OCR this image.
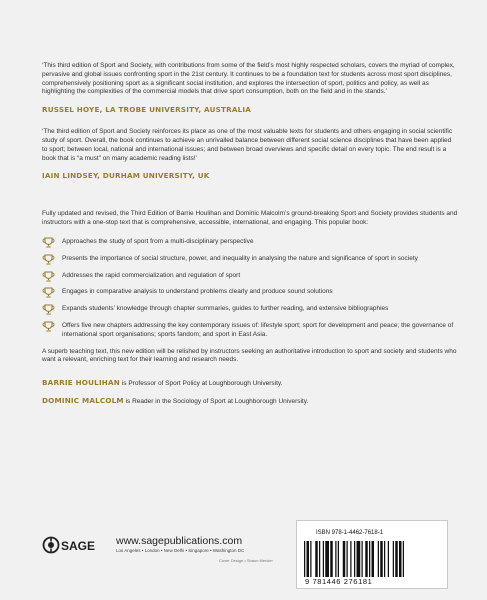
‘This third edition of Sport and Society, with contributions from some of the field’s most highly respected scholars, covers the myriad of complex, pervasive and global issues confronting sport in the 21st century. It continues to be a foundation text for students across most sport disciplines, comprehensively positioning sport as a significant social institution, and explores the intersection of sport, politics and policy, as well as highlighting the complexities of the commercial models that drive sport consumption, both on the field and in the stands.’

RUSSEL HOYE, LA TROBE UNIVERSITY, AUSTRALIA

‘The third edition of Sport and Society reinforces its place as one of the most valuable texts for students and others engaging in social scientific study of sport. Overall, the book continues to achieve an unrivalled balance between different social science disciplines that have been applied to sport; between local, national and international issues; and between broad overviews and specific detail on every topic. The end result is a book that is “a must” on many academic reading lists!’

IAIN LINDSEY, DURHAM UNIVERSITY, UK

Fully updated and revised, the Third Edition of Barrie Houlihan and Dominic Malcolm’s ground-breaking Sport and Society provides students and instructors with a one-stop text that is comprehensive, accessible, international, and engaging. This popular book:

Approaches the study of sport from a multi-disciplinary perspective
Presents the importance of social structure, power, and inequality in analysing the nature and significance of sport in society
Addresses the rapid commercialization and regulation of sport
Engages in comparative analysis to understand problems clearly and produce sound solutions
Expands students’ knowledge through chapter summaries, guides to further reading, and extensive bibliographies
Offers five new chapters addressing the key contemporary issues of: lifestyle sport; sport for development and peace; the governance of international sport organisations; sports fandom; and sport in East Asia.

A superb teaching text, this new edition will be relished by instructors seeking an authoritative introduction to sport and society and students who want a relevant, enriching text for their learning and research needs.

BARRIE HOULIHAN is Professor of Sport Policy at Loughborough University.

DOMINIC MALCOLM is Reader in the Sociology of Sport at Loughborough University.

SAGE www.sagepublications.com
Los Angeles • London • New Delhi • Singapore • Washington DC
Cover Design • Shaun Mercier
ISBN 978-1-4462-7618-1
9 781446 276181
